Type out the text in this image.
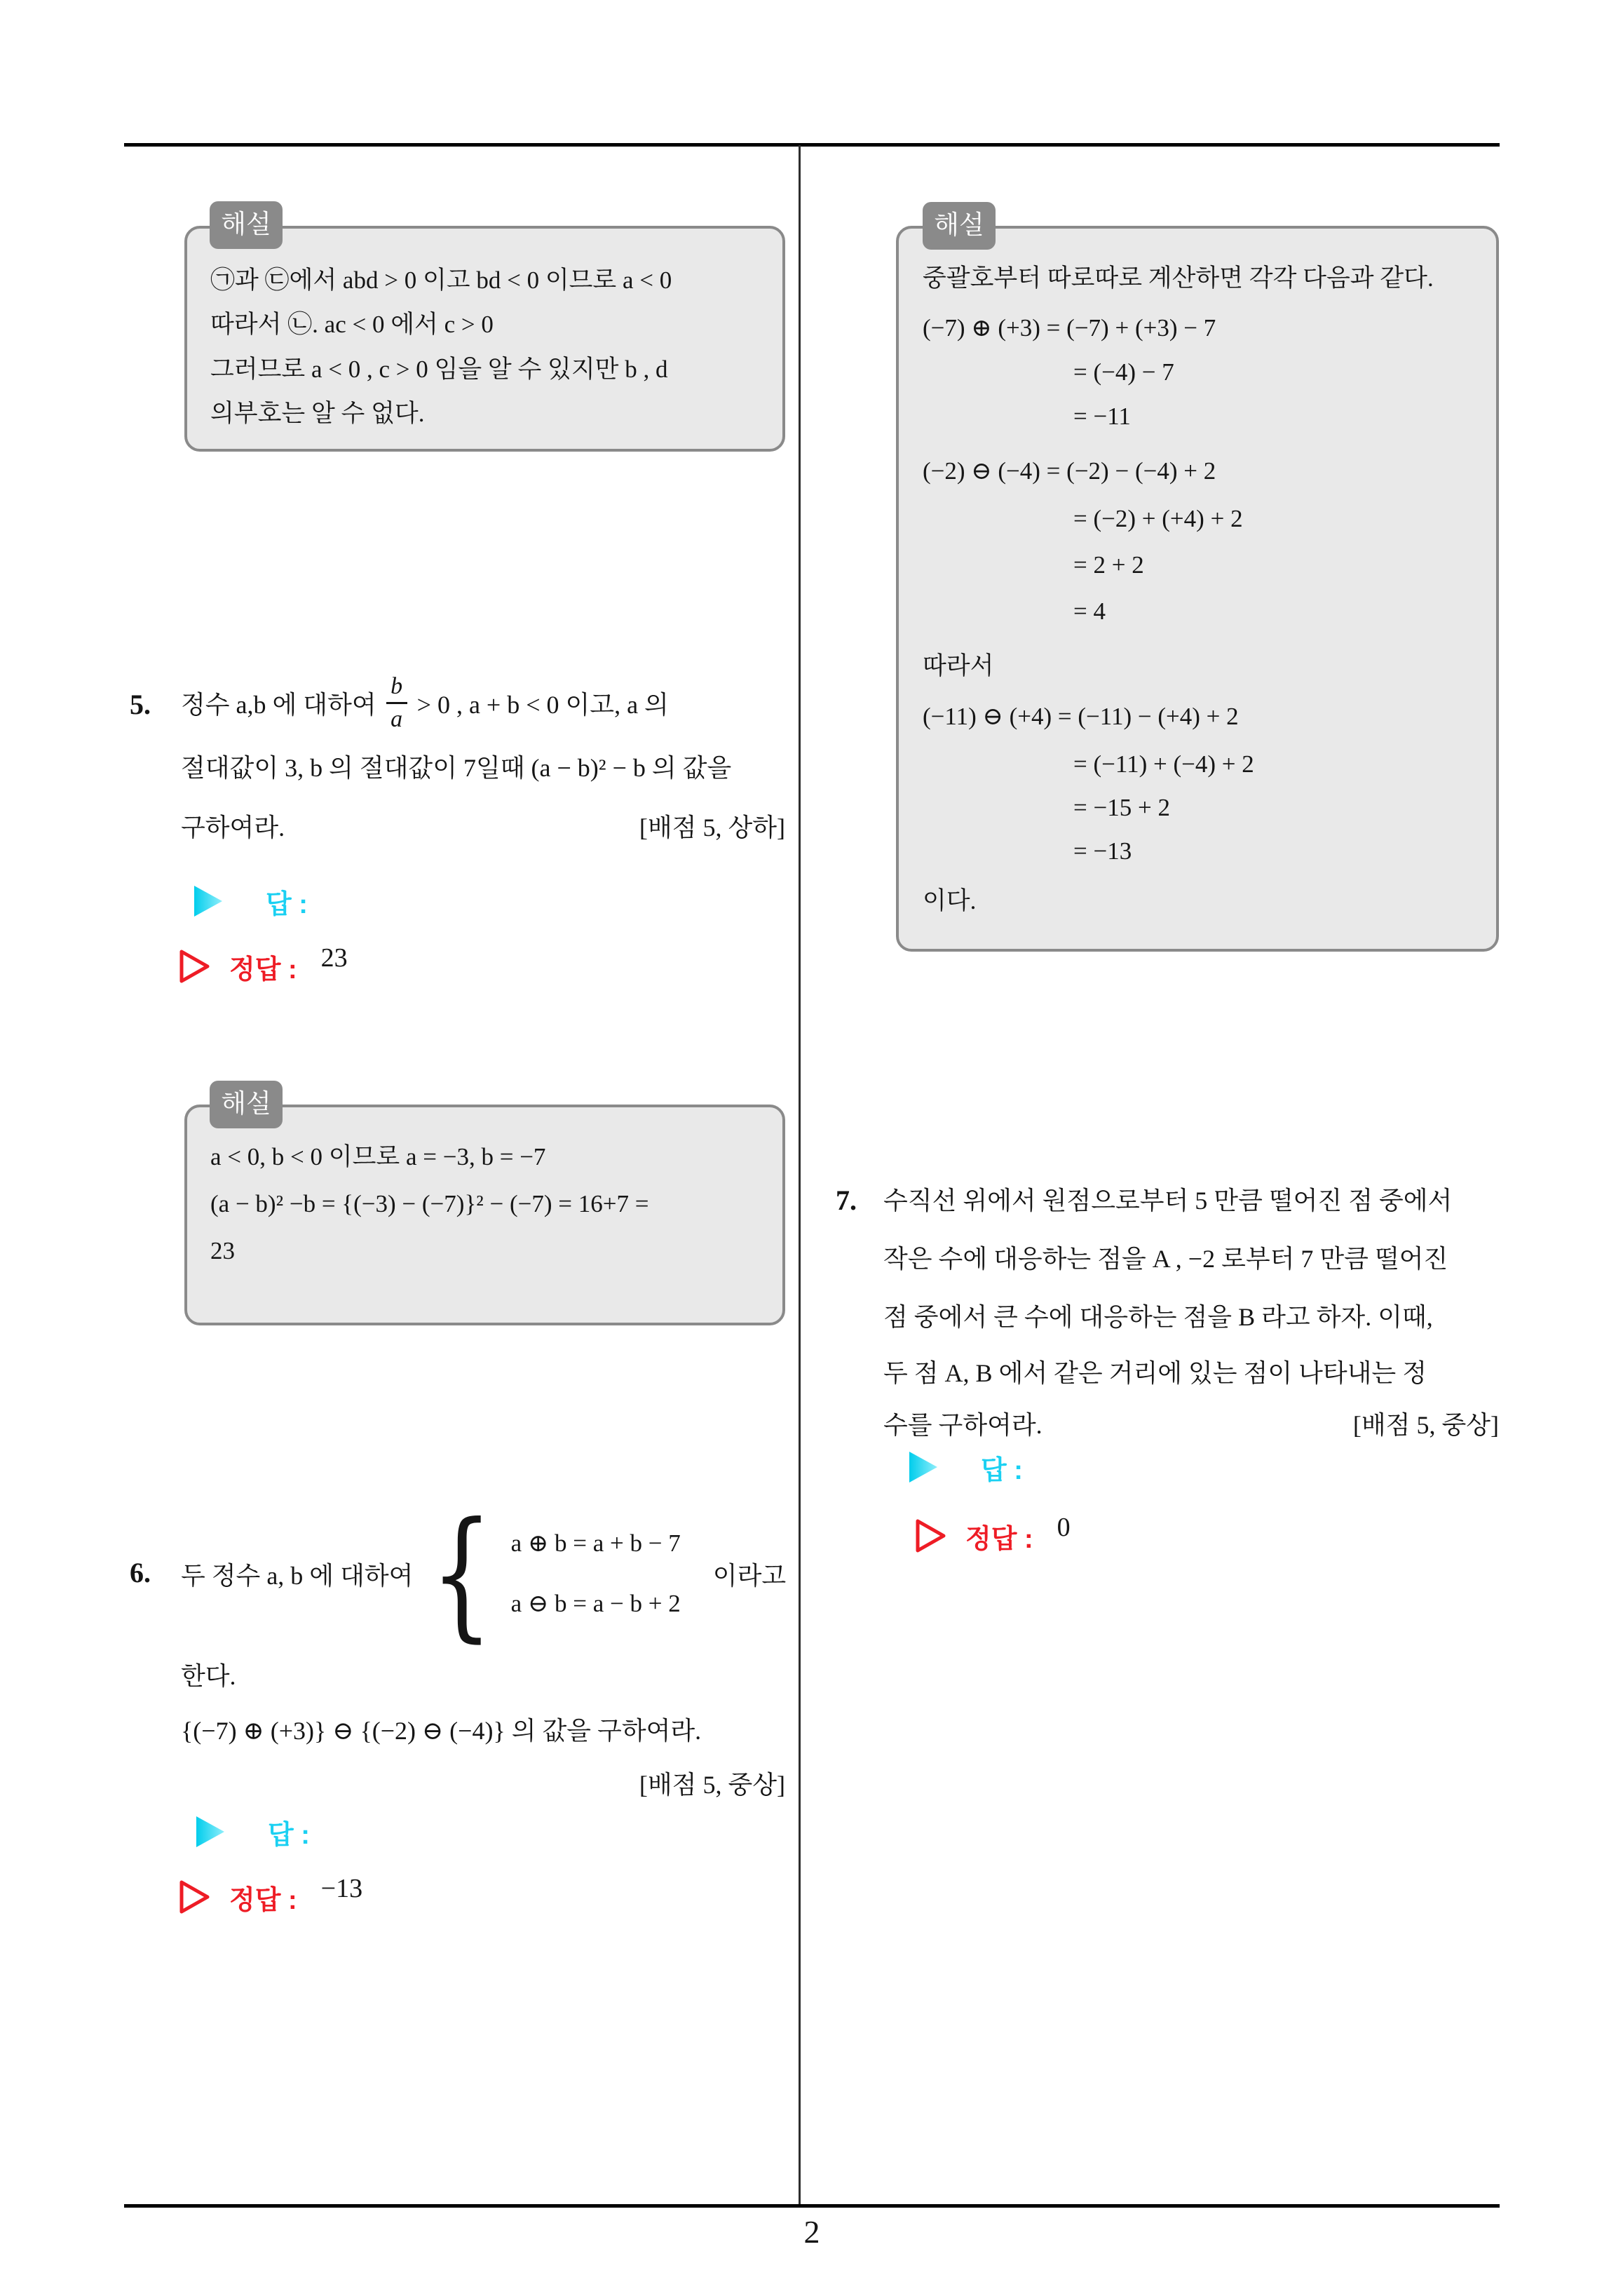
2
해설
㉠과 ㉢에서 abd > 0 이고 bd < 0 이므로 a < 0
따라서 ㉡. ac < 0 에서 c > 0
그러므로 a < 0 , c > 0 임을 알 수 있지만 b , d
의부호는 알 수 없다.
5. 정수 a,b 에 대하여 $\frac{b}{a} > 0$ , a + b < 0 이고, a 의
절대값이 3, b 의 절대값이 7일때 (a − b)² − b 의 값을
구하여라.	[배점 5, 상하]
답 :
정답 : 23
해설
a < 0, b < 0 이므로 a = −3, b = −7
(a − b)² −b = {(−3) − (−7)}² − (−7) = 16+7 =
23
6. 두 정수 a, b 에 대하여 { a ⊕ b = a + b − 7
a ⊖ b = a − b + 2
이라고
한다.
{(−7) ⊕ (+3)} ⊖ {(−2) ⊖ (−4)} 의 값을 구하여라.
[배점 5, 중상]
답 :
정답 : −13
해설
중괄호부터 따로따로 계산하면 각각 다음과 같다.
(−7) ⊕ (+3) = (−7) + (+3) − 7
= (−4) − 7
= −11
(−2) ⊖ (−4) = (−2) − (−4) + 2
= (−2) + (+4) + 2
= 2 + 2
= 4
따라서
(−11) ⊖ (+4) = (−11) − (+4) + 2
= (−11) + (−4) + 2
= −15 + 2
= −13
이다.
7. 수직선 위에서 원점으로부터 5 만큼 떨어진 점 중에서
작은 수에 대응하는 점을 A , −2 로부터 7 만큼 떨어진
점 중에서 큰 수에 대응하는 점을 B 라고 하자. 이때,
두 점 A, B 에서 같은 거리에 있는 점이 나타내는 정
수를 구하여라.	[배점 5, 중상]
답 :
정답 : 0
